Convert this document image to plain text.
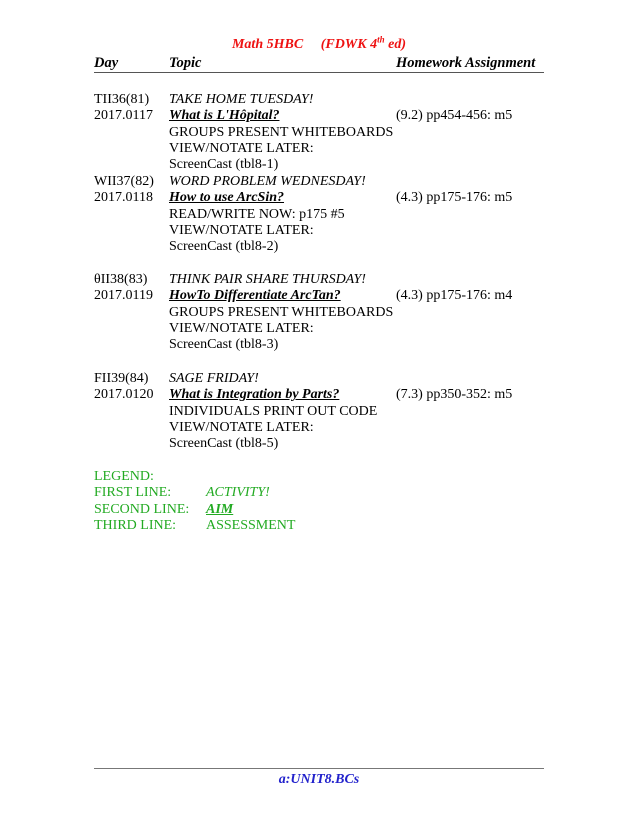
Math 5HBC (FDWK 4th ed)
Day	Topic	Homework Assignment
TII36(81) TAKE HOME TUESDAY!
2017.0117 What is L'Hôpital?	(9.2) pp454-456: m5
GROUPS PRESENT WHITEBOARDS
VIEW/NOTATE LATER:
ScreenCast (tbl8-1)
WII37(82) WORD PROBLEM WEDNESDAY!
2017.0118 How to use ArcSin?	(4.3) pp175-176: m5
READ/WRITE NOW: p175 #5
VIEW/NOTATE LATER:
ScreenCast (tbl8-2)
θII38(83) THINK PAIR SHARE THURSDAY!
2017.0119 HowTo Differentiate ArcTan?	(4.3) pp175-176: m4
GROUPS PRESENT WHITEBOARDS
VIEW/NOTATE LATER:
ScreenCast (tbl8-3)
FII39(84) SAGE FRIDAY!
2017.0120 What is Integration by Parts?	(7.3) pp350-352: m5
INDIVIDUALS PRINT OUT CODE
VIEW/NOTATE LATER:
ScreenCast (tbl8-5)
LEGEND:
FIRST LINE: ACTIVITY!
SECOND LINE: AIM
THIRD LINE: ASSESSMENT
a:UNIT8.BCs
